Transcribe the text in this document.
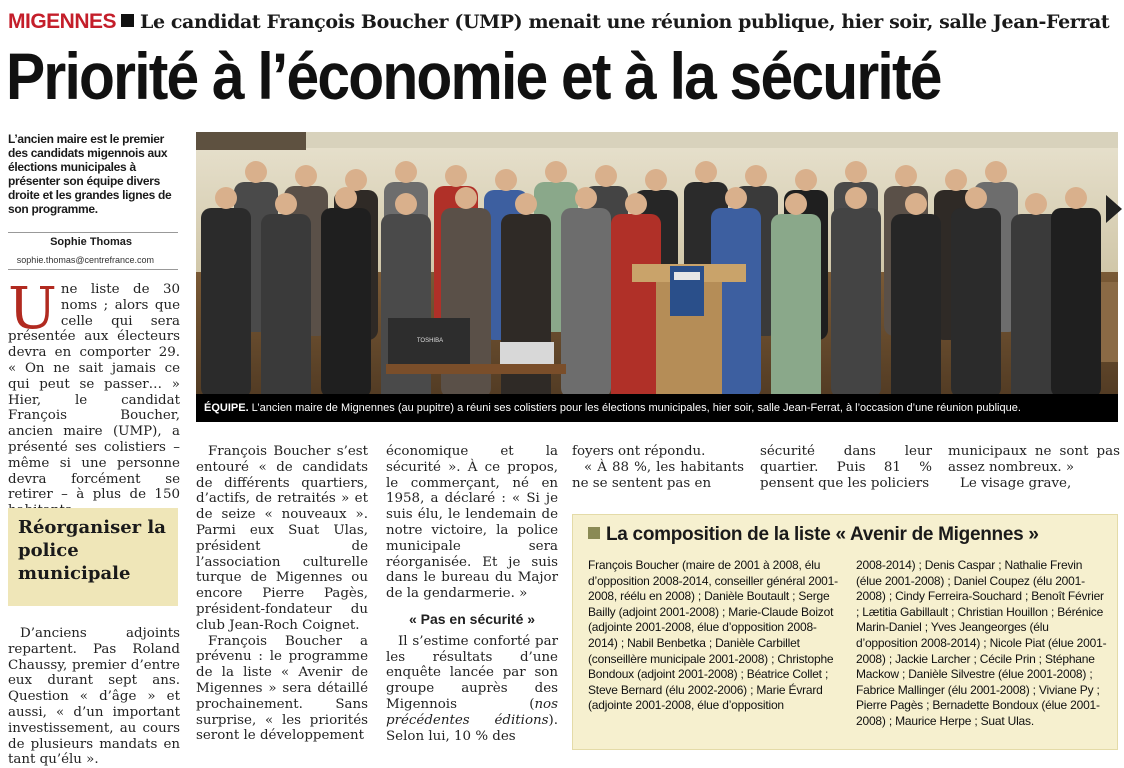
MIGENNES Le candidat François Boucher (UMP) menait une réunion publique, hier soir, salle Jean-Ferrat
Priorité à l’économie et à la sécurité
L’ancien maire est le premier des candidats migennois aux élections municipales à présenter son équipe divers droite et les grandes lignes de son programme.
Sophie Thomas
sophie.thomas@centrefrance.com
TOSHIBA
ÉQUIPE. L’ancien maire de Mignennes (au pupitre) a réuni ses colistiers pour les élections municipales, hier soir, salle Jean-Ferrat, à l’occasion d’une réunion publique.
U ne liste de 30 noms ; alors que celle qui sera présentée aux électeurs devra en comporter 29. « On ne sait jamais ce qui peut se passer… » Hier, le candidat François Boucher, ancien maire (UMP), a présenté ses colistiers – même si une personne devra forcément se retirer – à plus de 150

Réorganiser la police municipale

D’anciens adjoints repartent. Pas Roland Chaussy, premier d’entre eux durant sept ans. Question « d’âge » et aussi, « d’un important investissement, au cours de plusieurs mandats en tant qu’élu ».

François Boucher s’est entouré « de candidats de différents quartiers, d’actifs, de retraités » et de seize « nouveaux ». Parmi eux Suat Ulas, président de l’association culturelle turque de Migennes ou encore Pierre Pagès, président-fondateur du club Jean-Roch Coignet.

François Boucher a prévenu : le programme de la liste « Avenir de Migennes » sera détaillé prochainement. Sans surprise, « les priorités seront le développement

économique et la sécurité ». À ce propos, le commerçant, né en 1958, a déclaré : « Si je suis élu, le lendemain de notre victoire, la police municipale sera réorganisée. Et je suis dans le bureau du Major de la gendarmerie. »

« Pas en sécurité »

Il s’estime conforté par les résultats d’une enquête lancée par son groupe auprès des Migennois (nos précédentes éditions). Selon lui, 10 % des

foyers ont répondu.

« À 88 %, les habitants ne se sentent pas en

sécurité dans leur quartier. Puis 81 % pensent que les policiers

municipaux ne sont pas assez nombreux. »

Le visage grave,

La composition de la liste « Avenir de Migennes »
François Boucher (maire de 2001 à 2008, élu d’opposition 2008-2014, conseiller général 2001-2008, réélu en 2008) ; Danièle Boutault ; Serge Bailly (adjoint 2001-2008) ; Marie-Claude Boizot (adjointe 2001-2008, élue d’opposition 2008-2014) ; Nabil Benbetka ; Danièle Carbillet (conseillère municipale 2001-2008) ; Christophe Bondoux (adjoint 2001-2008) ; Béatrice Collet ; Steve Bernard (élu 2002-2006) ; Marie Évrard (adjointe 2001-2008, élue d’opposition
2008-2014) ; Denis Caspar ; Nathalie Frevin (élue 2001-2008) ; Daniel Coupez (élu 2001-2008) ; Cindy Ferreira-Souchard ; Benoît Février ; Lætitia Gabillault ; Christian Houillon ; Bérénice Marin-Daniel ; Yves Jeangeorges (élu d’opposition 2008-2014) ; Nicole Piat (élue 2001-2008) ; Jackie Larcher ; Cécile Prin ; Stéphane Mackow ; Danièle Silvestre (élue 2001-2008) ; Fabrice Mallinger (élu 2001-2008) ; Viviane Py ; Pierre Pagès ; Bernadette Bondoux (élue 2001-2008) ; Maurice Herpe ; Suat Ulas.
